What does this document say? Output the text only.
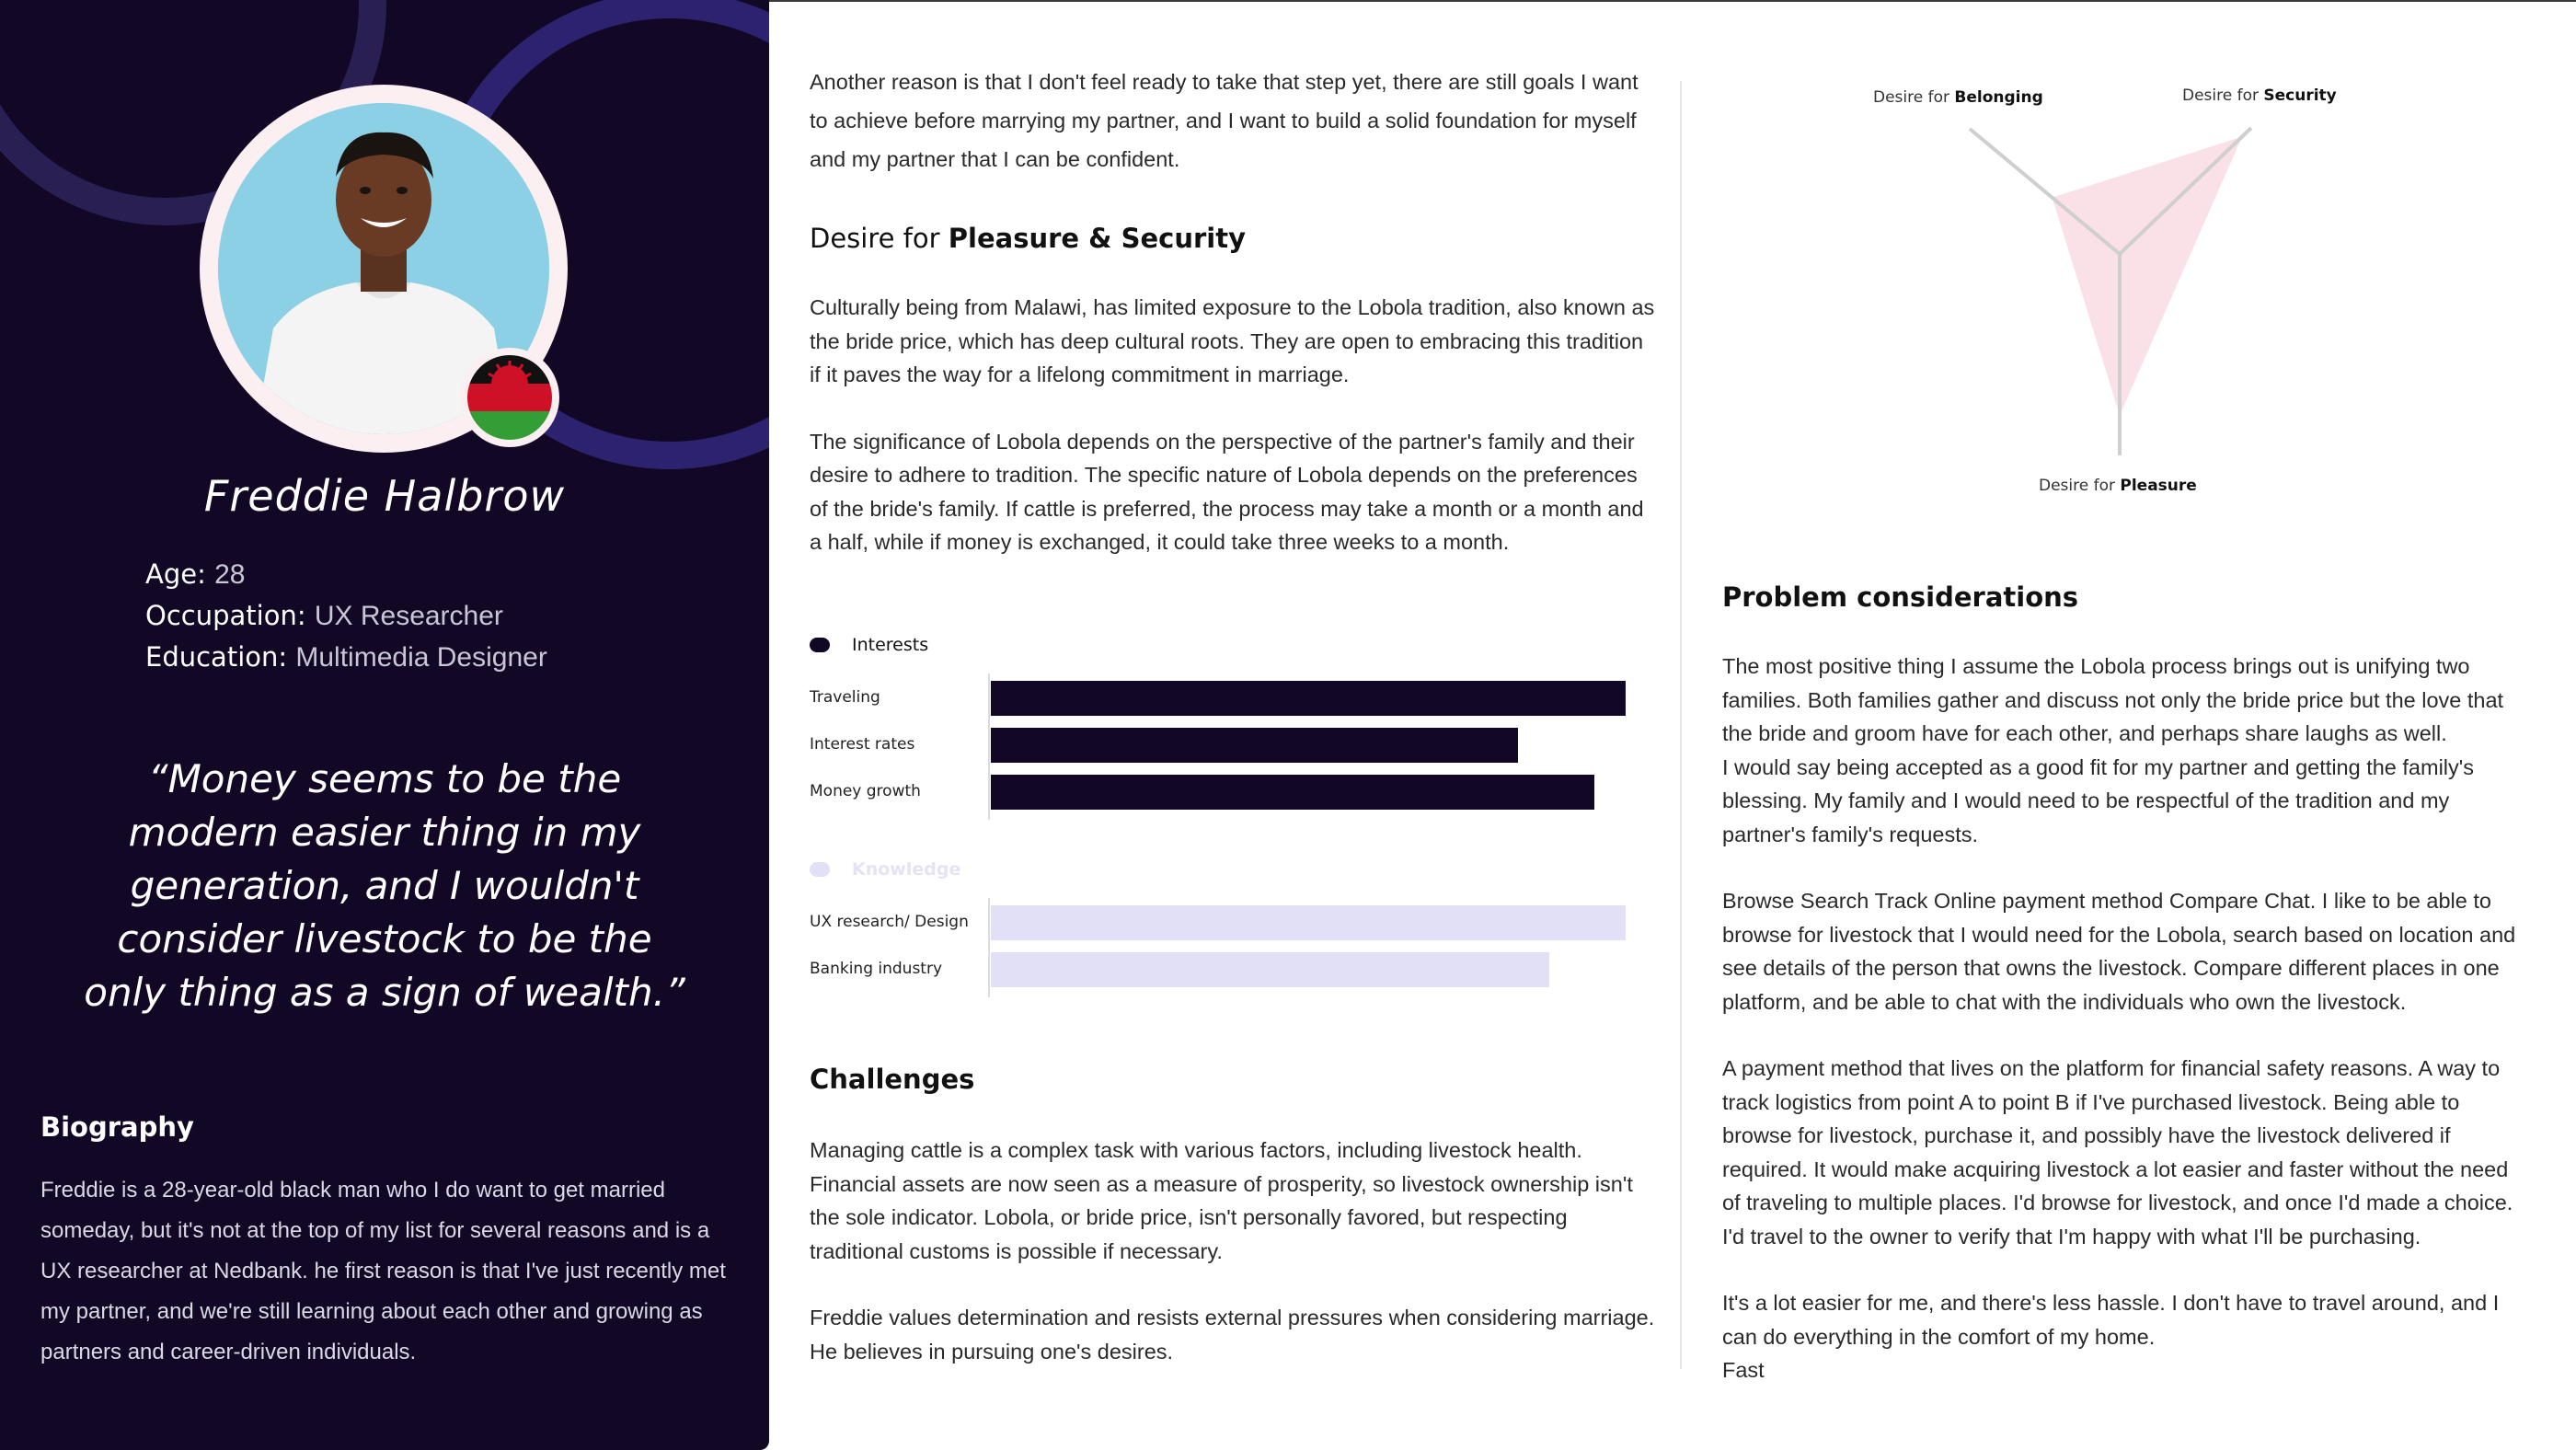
Freddie Halbrow
Age: 28
Occupation: UX Researcher
Education: Multimedia Designer
“Money seems to be the modern easier thing in my generation, and I wouldn't consider livestock to be the only thing as a sign of wealth.”
Biography
Freddie is a 28-year-old black man who I do want to get married someday, but it's not at the top of my list for several reasons and is a UX researcher at Nedbank. he first reason is that I've just recently met my partner, and we're still learning about each other and growing as partners and career-driven individuals.

Another reason is that I don't feel ready to take that step yet, there are still goals I want to achieve before marrying my partner, and I want to build a solid foundation for myself and my partner that I can be confident.

Desire for Pleasure & Security

Culturally being from Malawi, has limited exposure to the Lobola tradition, also known as the bride price, which has deep cultural roots. They are open to embracing this tradition if it paves the way for a lifelong commitment in marriage.

The significance of Lobola depends on the perspective of the partner's family and their desire to adhere to tradition. The specific nature of Lobola depends on the preferences of the bride's family. If cattle is preferred, the process may take a month or a month and a half, while if money is exchanged, it could take three weeks to a month.

Interests
Traveling
Interest rates
Money growth
Knowledge
UX research/ Design
Banking industry
Challenges

Managing cattle is a complex task with various factors, including livestock health. Financial assets are now seen as a measure of prosperity, so livestock ownership isn't the sole indicator. Lobola, or bride price, isn't personally favored, but respecting traditional customs is possible if necessary.

Freddie values determination and resists external pressures when considering marriage. He believes in pursuing one's desires.

Desire for Belonging	Desire for Security
Desire for Pleasure
Problem considerations

The most positive thing I assume the Lobola process brings out is unifying two families. Both families gather and discuss not only the bride price but the love that the bride and groom have for each other, and perhaps share laughs as well.

I would say being accepted as a good fit for my partner and getting the family's blessing. My family and I would need to be respectful of the tradition and my partner's family's requests.

Browse Search Track Online payment method Compare Chat. I like to be able to browse for livestock that I would need for the Lobola, search based on location and see details of the person that owns the livestock. Compare different places in one platform, and be able to chat with the individuals who own the livestock.

A payment method that lives on the platform for financial safety reasons. A way to track logistics from point A to point B if I've purchased livestock. Being able to browse for livestock, purchase it, and possibly have the livestock delivered if required. It would make acquiring livestock a lot easier and faster without the need of traveling to multiple places. I'd browse for livestock, and once I'd made a choice. I'd travel to the owner to verify that I'm happy with what I'll be purchasing.

It's a lot easier for me, and there's less hassle. I don't have to travel around, and I can do everything in the comfort of my home.

Fast
